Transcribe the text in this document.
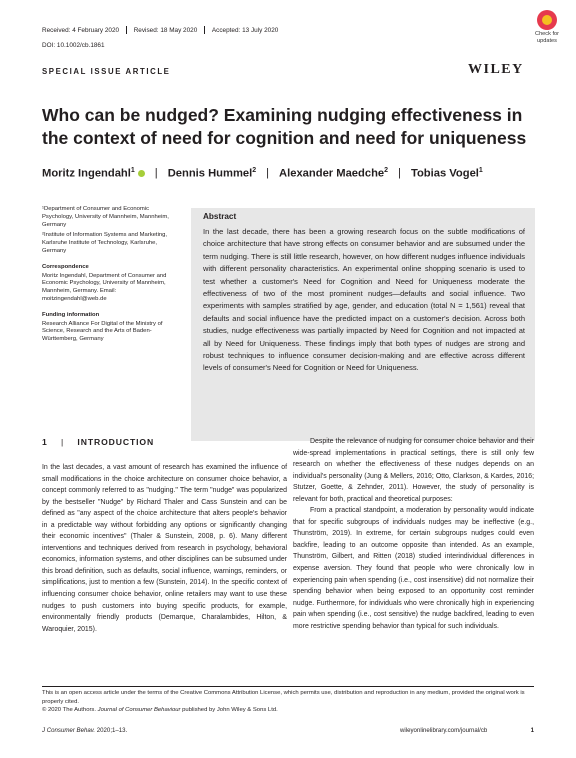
Received: 4 February 2020 Revised: 18 May 2020 Accepted: 13 July 2020
DOI: 10.1002/cb.1861
Check for
updates
SPECIAL ISSUE ARTICLE	WILEY
Who can be nudged? Examining nudging effectiveness in the context of need for cognition and need for uniqueness
Moritz Ingendahl$^1$ | Dennis Hummel$^2$ | Alexander Maedche$^2$ | Tobias Vogel$^1$

¹Department of Consumer and Economic Psychology, University of Mannheim, Mannheim, Germany

²Institute of Information Systems and Marketing, Karlsruhe Institute of Technology, Karlsruhe, Germany

Correspondence

Moritz Ingendahl, Department of Consumer and Economic Psychology, University of Mannheim, Mannheim, Germany. Email: moitzingendahl@web.de

Funding information

Research Alliance For Digital of the Ministry of Science, Research and the Arts of Baden-Württemberg, Germany

Abstract

In the last decade, there has been a growing research focus on the subtle modifications of choice architecture that have strong effects on consumer behavior and are subsumed under the term nudging. There is still little research, however, on how different nudges influence individuals with different personality characteristics. An experimental online shopping scenario is used to test whether a customer's Need for Cognition and Need for Uniqueness moderate the effectiveness of two of the most prominent nudges—defaults and social influence. Two experiments with samples stratified by age, gender, and education (total N = 1,561) reveal that defaults and social influence have the predicted impact on a customer's decision. Across both studies, nudge effectiveness was partially impacted by Need for Cognition and not impacted at all by Need for Uniqueness. These findings imply that both types of nudges are strong and robust techniques to influence consumer decision-making and are effective across different levels of consumer's Need for Cognition or Need for Uniqueness.

1 | INTRODUCTION

In the last decades, a vast amount of research has examined the influence of small modifications in the choice architecture on consumer choice behavior, a concept commonly referred to as "nudging." The term "nudge" was popularized by the bestseller "Nudge" by Richard Thaler and Cass Sunstein and can be defined as "any aspect of the choice architecture that alters people's behavior in a predictable way without forbidding any options or significantly changing their economic incentives" (Thaler & Sunstein, 2008, p. 6). Many different interventions and techniques derived from research in psychology, behavioral economics, information systems, and other disciplines can be subsumed under this broad definition, such as defaults, social influence, warnings, reminders, or simplifications, just to mention a few (Sunstein, 2014). In the specific context of influencing consumer choice behavior, online retailers may want to use these nudges to push customers into buying specific products, for example, environmentally friendly products (Demarque, Charalambides, Hilton, & Waroquier, 2015).

Despite the relevance of nudging for consumer choice behavior and their wide-spread implementations in practical settings, there is still only few research on whether the effectiveness of these nudges depends on an individual's personality (Jung & Mellers, 2016; Otto, Clarkson, & Kardes, 2016; Stutzer, Goette, & Zehnder, 2011). However, the study of personality is relevant for both, practical and theoretical purposes:

From a practical standpoint, a moderation by personality would indicate that for specific subgroups of individuals nudges may be ineffective (e.g., Thunström, 2019). In extreme, for certain subgroups nudges could even backfire, leading to an outcome opposite than intended. As an example, Thunström, Gilbert, and Ritten (2018) studied interindividual differences in expense aversion. They found that people who were chronically low in experiencing pain when spending (i.e., cost insensitive) did not normalize their spending behavior when being exposed to an opportunity cost reminder nudge. Furthermore, for individuals who were chronically high in experiencing pain when spending (i.e., cost sensitive) the nudge backfired, leading to even more restrictive spending behavior than typical for such individuals.

This is an open access article under the terms of the Creative Commons Attribution License, which permits use, distribution and reproduction in any medium, provided the original work is properly cited.

© 2020 The Authors. Journal of Consumer Behaviour published by John Wiley & Sons Ltd.

J Consumer Behav. 2020;1–13.	wileyonlinelibrary.com/journal/cb	1
